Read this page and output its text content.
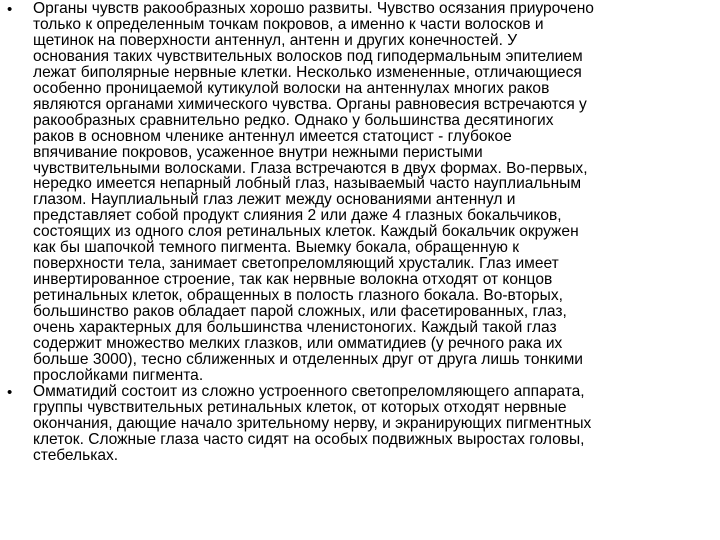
• Органы чувств ракообразных хорошо развиты. Чувство осязания приурочено
только к определенным точкам покровов, а именно к части волосков и
щетинок на поверхности антеннул, антенн и других конечностей. У
основания таких чувствительных волосков под гиподермальным эпителием
лежат биполярные нервные клетки. Несколько измененные, отличающиеся
особенно проницаемой кутикулой волоски на антеннулах многих раков
являются органами химического чувства. Органы равновесия встречаются у
ракообразных сравнительно редко. Однако у большинства десятиногих
раков в основном членике антеннул имеется статоцист - глубокое
впячивание покровов, усаженное внутри нежными перистыми
чувствительными волосками. Глаза встречаются в двух формах. Во-первых,
нередко имеется непарный лобный глаз, называемый часто науплиальным
глазом. Науплиальный глаз лежит между основаниями антеннул и
представляет собой продукт слияния 2 или даже 4 глазных бокальчиков,
состоящих из одного слоя ретинальных клеток. Каждый бокальчик окружен
как бы шапочкой темного пигмента. Выемку бокала, обращенную к
поверхности тела, занимает светопреломляющий хрусталик. Глаз имеет
инвертированное строение, так как нервные волокна отходят от концов
ретинальных клеток, обращенных в полость глазного бокала. Во-вторых,
большинство раков обладает парой сложных, или фасетированных, глаз,
очень характерных для большинства членистоногих. Каждый такой глаз
содержит множество мелких глазков, или омматидиев (у речного рака их
больше 3000), тесно сближенных и отделенных друг от друга лишь тонкими
прослойками пигмента.
• Омматидий состоит из сложно устроенного светопреломляющего аппарата,
группы чувствительных ретинальных клеток, от которых отходят нервные
окончания, дающие начало зрительному нерву, и экранирующих пигментных
клеток. Сложные глаза часто сидят на особых подвижных выростах головы,
стебельках.
